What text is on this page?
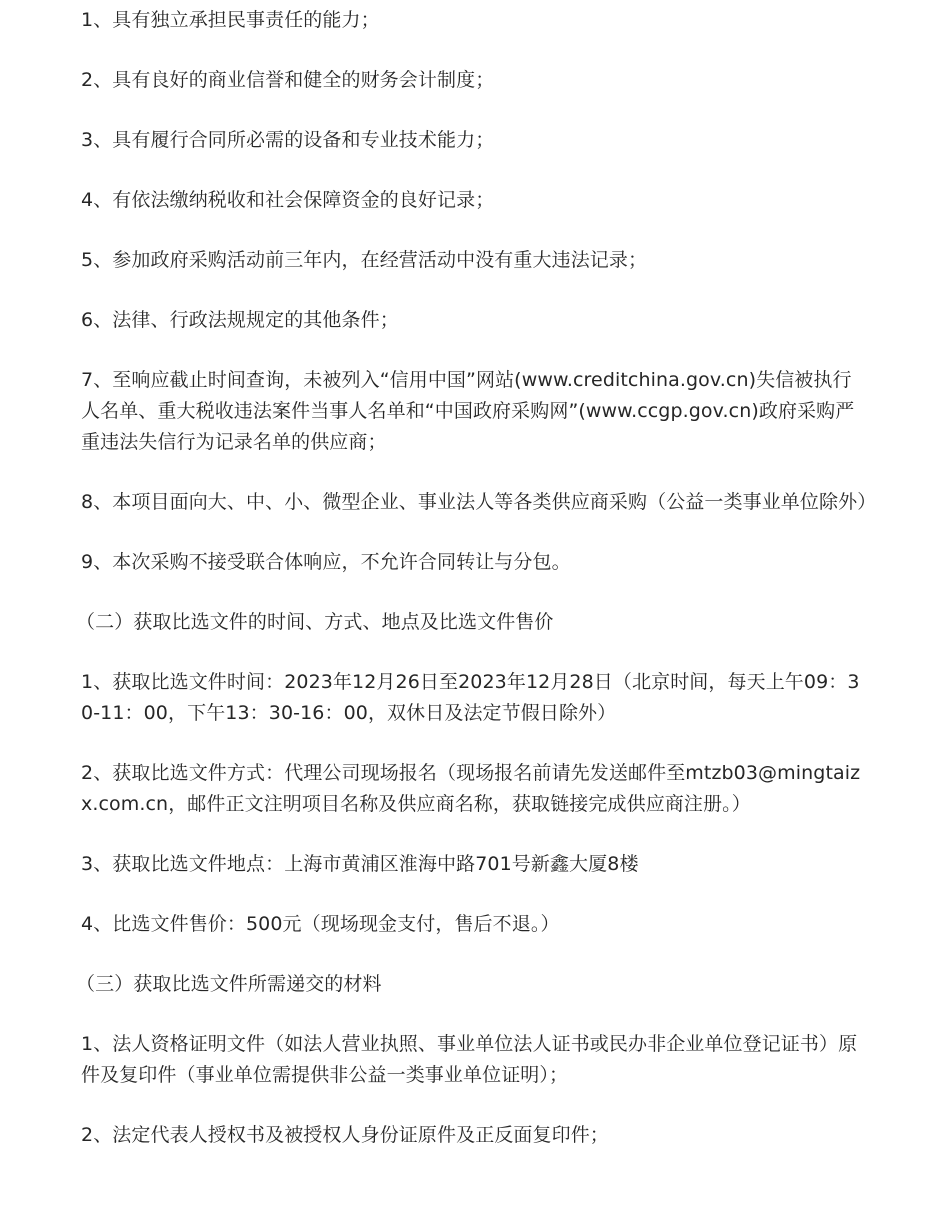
1、具有独立承担民事责任的能力；

2、具有良好的商业信誉和健全的财务会计制度；

3、具有履行合同所必需的设备和专业技术能力；

4、有依法缴纳税收和社会保障资金的良好记录；

5、参加政府采购活动前三年内，在经营活动中没有重大违法记录；

6、法律、行政法规规定的其他条件；

7、至响应截止时间查询，未被列入“信用中国”网站(www.creditchina.gov.cn)失信被执行人名单、重大税收违法案件当事人名单和“中国政府采购网”(www.ccgp.gov.cn)政府采购严重违法失信行为记录名单的供应商；

8、本项目面向大、中、小、微型企业、事业法人等各类供应商采购（公益一类事业单位除外）

9、本次采购不接受联合体响应，不允许合同转让与分包。

（二）获取比选文件的时间、方式、地点及比选文件售价

1、获取比选文件时间：2023年12月26日至2023年12月28日（北京时间，每天上午09：30-11：00，下午13：30-16：00，双休日及法定节假日除外）

2、获取比选文件方式：代理公司现场报名（现场报名前请先发送邮件至mtzb03@mingtaizx.com.cn，邮件正文注明项目名称及供应商名称，获取链接完成供应商注册。）

3、获取比选文件地点：上海市黄浦区淮海中路701号新鑫大厦8楼

4、比选文件售价：500元（现场现金支付，售后不退。）

（三）获取比选文件所需递交的材料

1、法人资格证明文件（如法人营业执照、事业单位法人证书或民办非企业单位登记证书）原件及复印件（事业单位需提供非公益一类事业单位证明）；

2、法定代表人授权书及被授权人身份证原件及正反面复印件；
